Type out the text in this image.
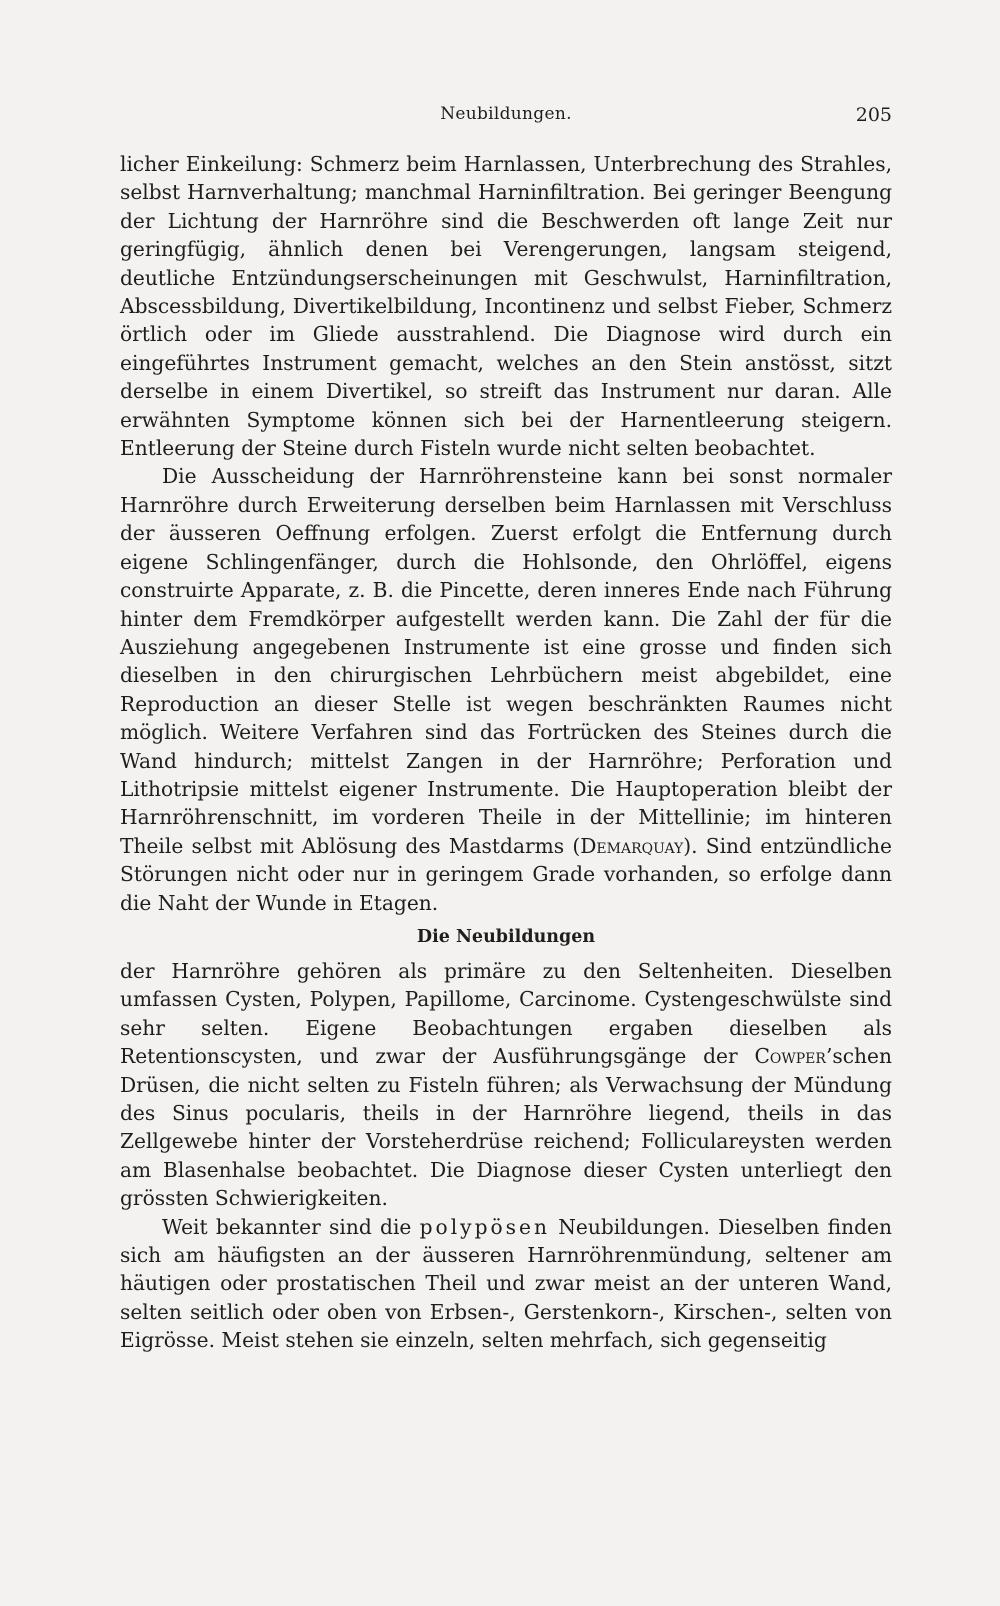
Neubildungen.	205

licher Einkeilung: Schmerz beim Harnlassen, Unterbrechung des Strahles, selbst Harnverhaltung; manchmal Harninfiltration. Bei geringer Beengung der Lichtung der Harnröhre sind die Beschwerden oft lange Zeit nur geringfügig, ähnlich denen bei Verengerungen, langsam steigend, deutliche Entzündungserscheinungen mit Geschwulst, Harninfiltration, Abscessbildung, Divertikelbildung, Incontinenz und selbst Fieber, Schmerz örtlich oder im Gliede ausstrahlend. Die Diagnose wird durch ein eingeführtes Instrument gemacht, welches an den Stein anstösst, sitzt derselbe in einem Divertikel, so streift das Instrument nur daran. Alle erwähnten Symptome können sich bei der Harnentleerung steigern. Entleerung der Steine durch Fisteln wurde nicht selten beobachtet.

Die Ausscheidung der Harnröhrensteine kann bei sonst normaler Harnröhre durch Erweiterung derselben beim Harnlassen mit Verschluss der äusseren Oeffnung erfolgen. Zuerst erfolgt die Entfernung durch eigene Schlingenfänger, durch die Hohlsonde, den Ohrlöffel, eigens construirte Apparate, z. B. die Pincette, deren inneres Ende nach Führung hinter dem Fremdkörper aufgestellt werden kann. Die Zahl der für die Ausziehung angegebenen Instrumente ist eine grosse und finden sich dieselben in den chirurgischen Lehrbüchern meist abgebildet, eine Reproduction an dieser Stelle ist wegen beschränkten Raumes nicht möglich. Weitere Verfahren sind das Fortrücken des Steines durch die Wand hindurch; mittelst Zangen in der Harnröhre; Perforation und Lithotripsie mittelst eigener Instrumente. Die Hauptoperation bleibt der Harnröhrenschnitt, im vorderen Theile in der Mittellinie; im hinteren Theile selbst mit Ablösung des Mastdarms (Demarquay). Sind entzündliche Störungen nicht oder nur in geringem Grade vorhanden, so erfolge dann die Naht der Wunde in Etagen.

Die Neubildungen

der Harnröhre gehören als primäre zu den Seltenheiten. Dieselben umfassen Cysten, Polypen, Papillome, Carcinome. Cystengeschwülste sind sehr selten. Eigene Beobachtungen ergaben dieselben als Retentionscysten, und zwar der Ausführungsgänge der Cowper’schen Drüsen, die nicht selten zu Fisteln führen; als Verwachsung der Mündung des Sinus pocularis, theils in der Harnröhre liegend, theils in das Zellgewebe hinter der Vorsteherdrüse reichend; Folliculareysten werden am Blasenhalse beobachtet. Die Diagnose dieser Cysten unterliegt den grössten Schwierigkeiten.

Weit bekannter sind die polypösen Neubildungen. Dieselben finden sich am häufigsten an der äusseren Harnröhrenmündung, seltener am häutigen oder prostatischen Theil und zwar meist an der unteren Wand, selten seitlich oder oben von Erbsen-, Gerstenkorn-, Kirschen-, selten von Eigrösse. Meist stehen sie einzeln, selten mehrfach, sich gegenseitig
